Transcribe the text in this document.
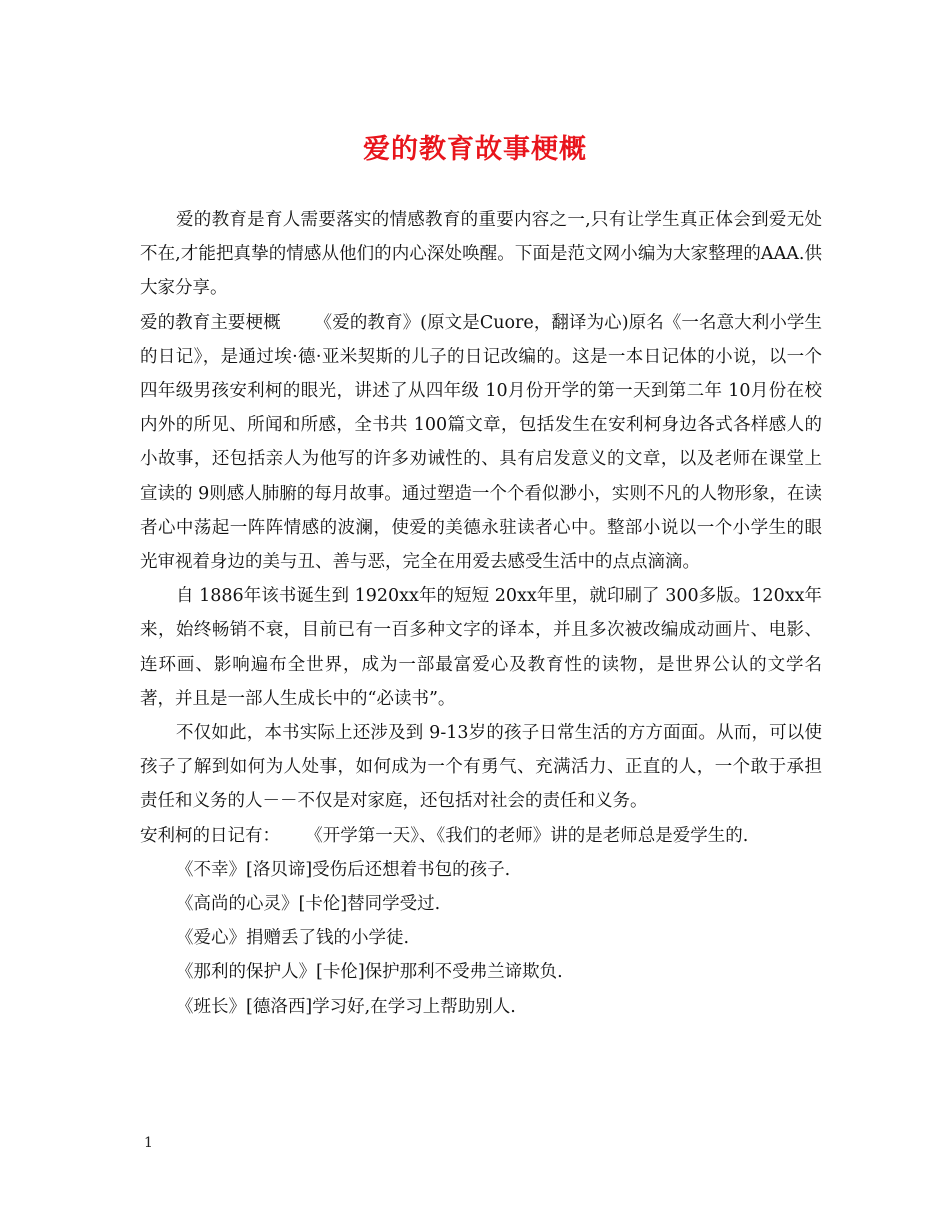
爱的教育故事梗概

爱的教育是育人需要落实的情感教育的重要内容之一,只有让学生真正体会到爱无处不在,才能把真挚的情感从他们的内心深处唤醒。下面是范文网小编为大家整理的AAA.供大家分享。

爱的教育主要梗概 《爱的教育》(原文是Cuore，翻译为心)原名《一名意大利小学生的日记》，是通过埃·德·亚米契斯的儿子的日记改编的。这是一本日记体的小说，以一个四年级男孩安利柯的眼光，讲述了从四年级 10月份开学的第一天到第二年 10月份在校内外的所见、所闻和所感，全书共 100篇文章，包括发生在安利柯身边各式各样感人的小故事，还包括亲人为他写的许多劝诫性的、具有启发意义的文章，以及老师在课堂上宣读的 9则感人肺腑的每月故事。通过塑造一个个看似渺小，实则不凡的人物形象，在读者心中荡起一阵阵情感的波澜，使爱的美德永驻读者心中。整部小说以一个小学生的眼光审视着身边的美与丑、善与恶，完全在用爱去感受生活中的点点滴滴。

自 1886年该书诞生到 1920xx年的短短 20xx年里，就印刷了 300多版。120xx年来，始终畅销不衰，目前已有一百多种文字的译本，并且多次被改编成动画片、电影、连环画、影响遍布全世界，成为一部最富爱心及教育性的读物，是世界公认的文学名著，并且是一部人生成长中的“必读书”。

不仅如此，本书实际上还涉及到 9-13岁的孩子日常生活的方方面面。从而，可以使孩子了解到如何为人处事，如何成为一个有勇气、充满活力、正直的人，一个敢于承担责任和义务的人－－不仅是对家庭，还包括对社会的责任和义务。

安利柯的日记有： 《开学第一天》、《我们的老师》讲的是老师总是爱学生的.

《不幸》[洛贝谛]受伤后还想着书包的孩子.

《高尚的心灵》[卡伦]替同学受过.

《爱心》捐赠丢了钱的小学徒.

《那利的保护人》[卡伦]保护那利不受弗兰谛欺负.

《班长》[德洛西]学习好,在学习上帮助别人.

1
